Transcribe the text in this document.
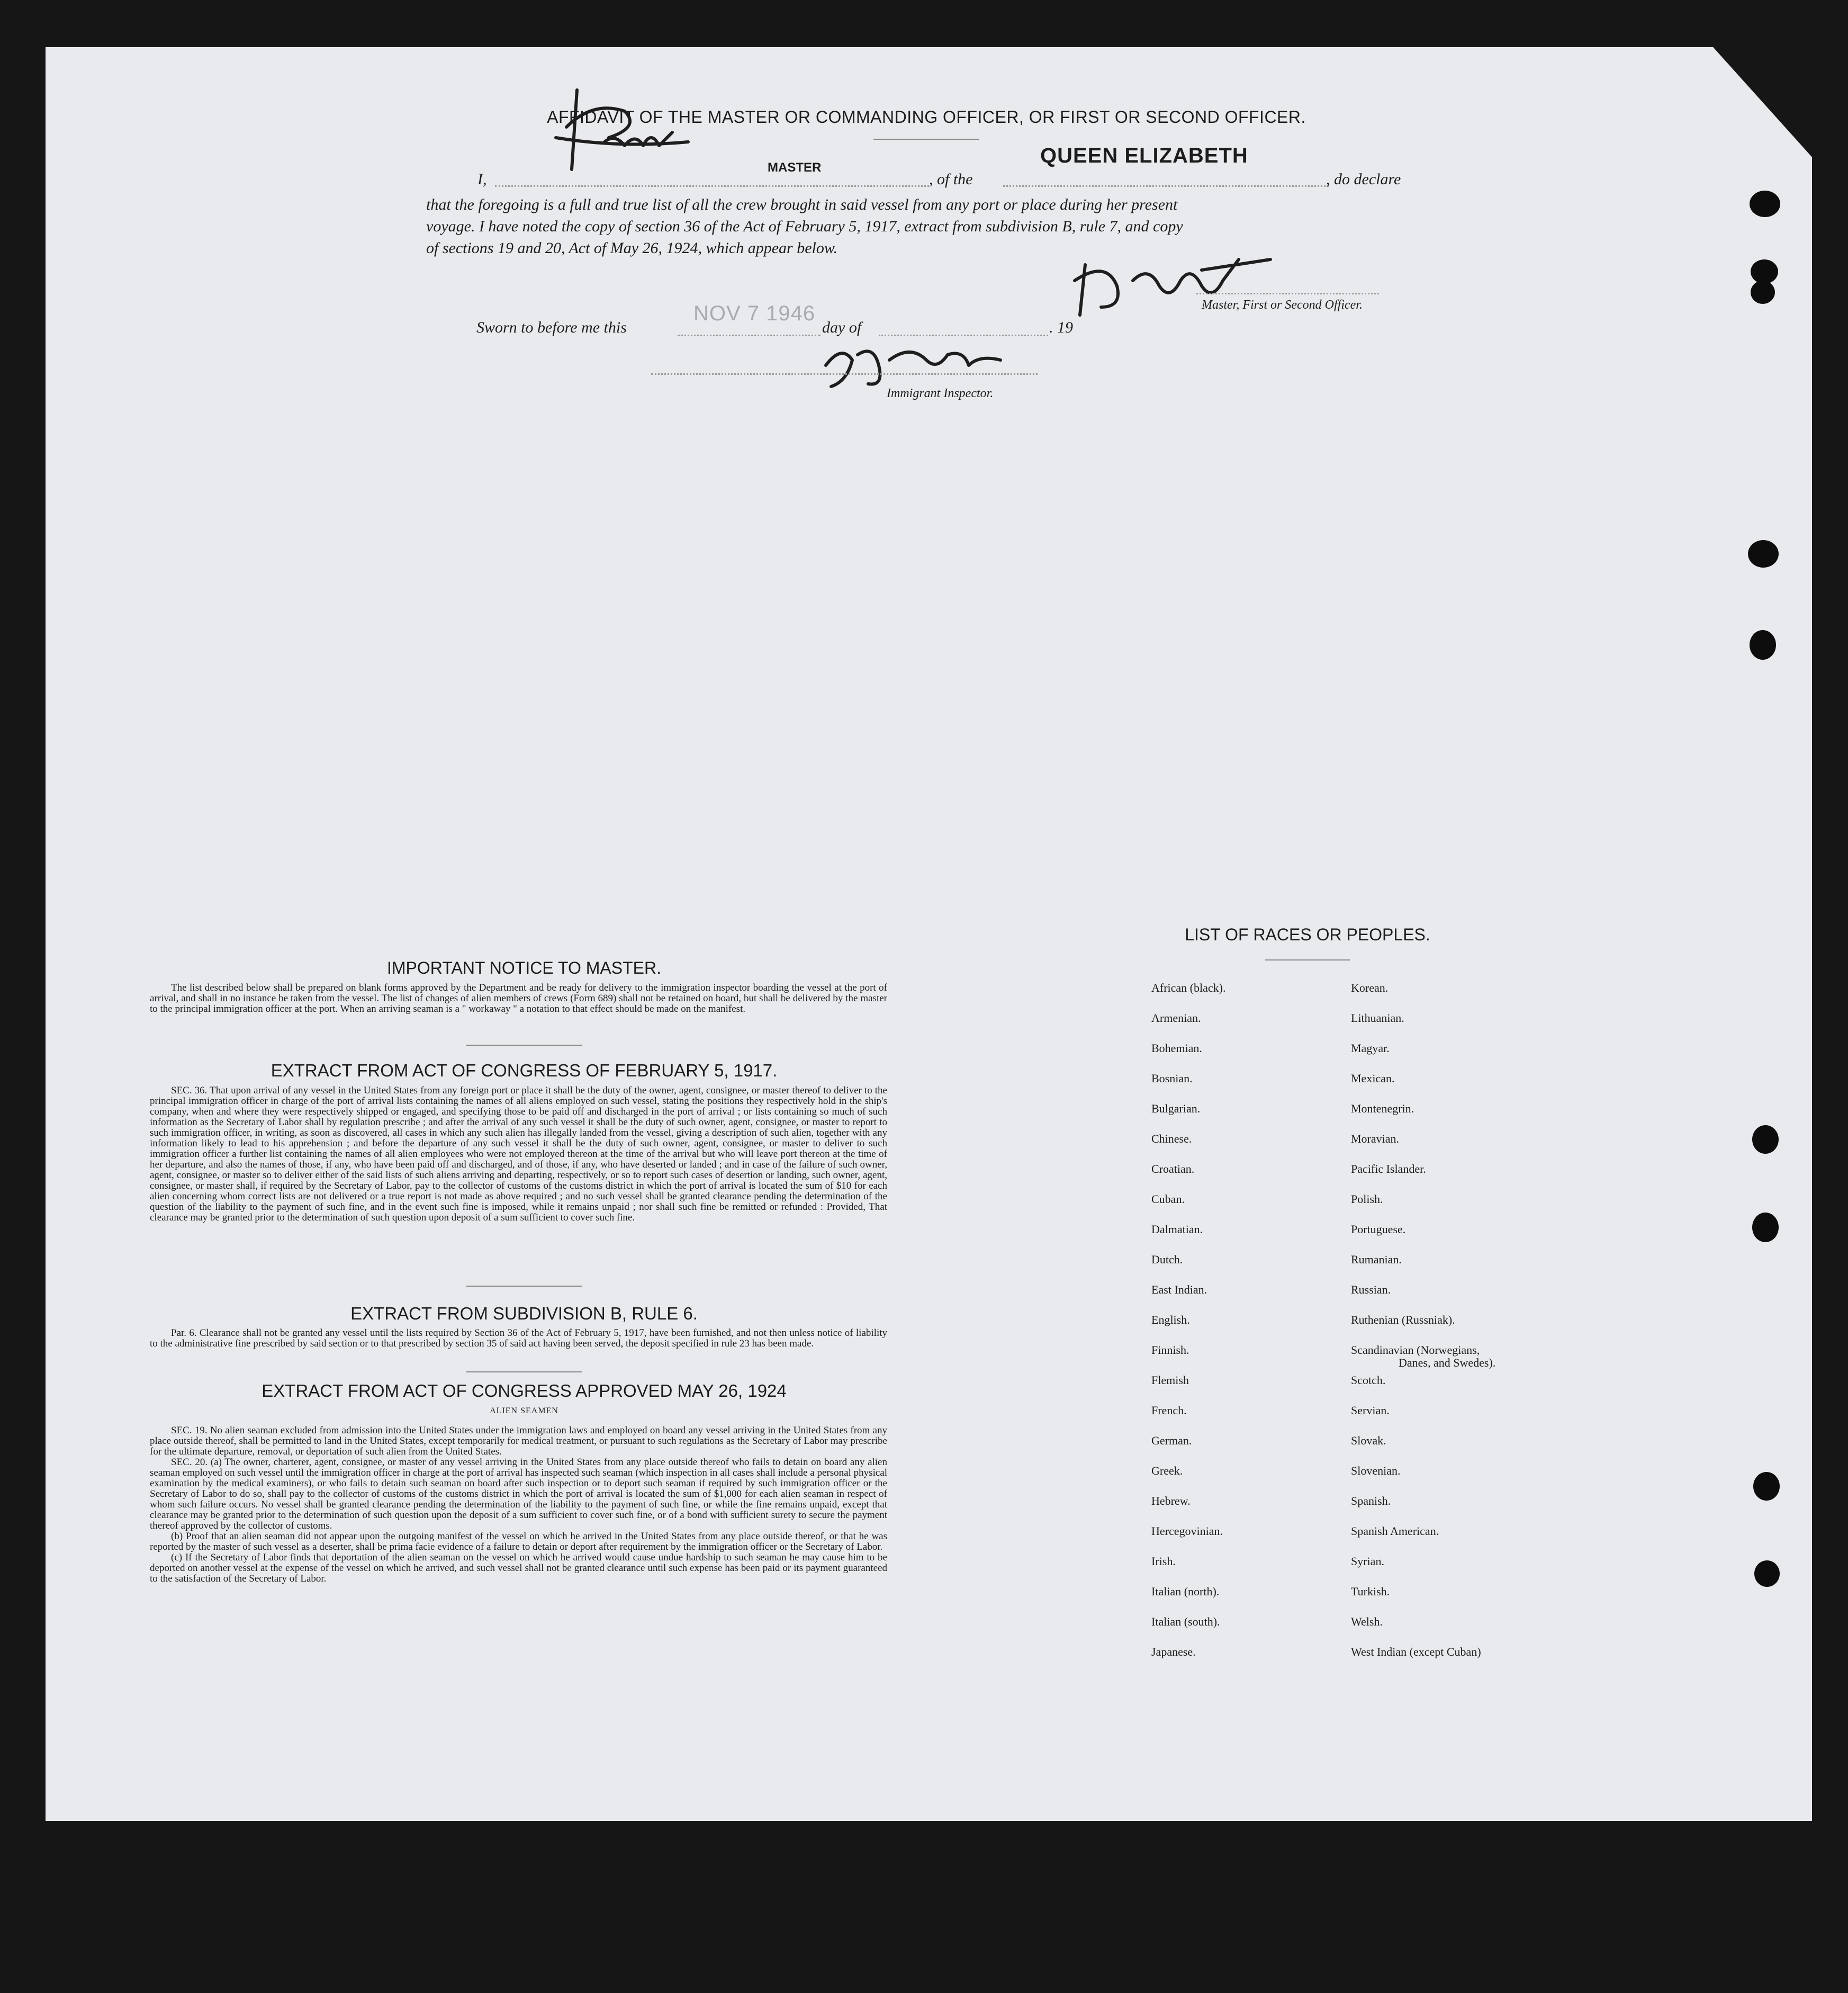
AFFIDAVIT OF THE MASTER OR COMMANDING OFFICER, OR FIRST OR SECOND OFFICER.
I,
MASTER
, of the
QUEEN ELIZABETH
, do declare
that the foregoing is a full and true list of all the crew brought in said vessel from any port or place during her present
voyage. I have noted the copy of section 36 of the Act of February 5, 1917, extract from subdivision B, rule 7, and copy
of sections 19 and 20, Act of May 26, 1924, which appear below.
Master, First or Second Officer.
Sworn to before me this
NOV 7 1946
day of	. 19
Immigrant Inspector.
IMPORTANT NOTICE TO MASTER.

The list described below shall be prepared on blank forms approved by the Department and be ready for delivery to the immigration inspector boarding the vessel at the port of arrival, and shall in no instance be taken from the vessel. The list of changes of alien members of crews (Form 689) shall not be retained on board, but shall be delivered by the master to the principal immigration officer at the port. When an arriving seaman is a " workaway " a notation to that effect should be made on the manifest.

EXTRACT FROM ACT OF CONGRESS OF FEBRUARY 5, 1917.

SEC. 36. That upon arrival of any vessel in the United States from any foreign port or place it shall be the duty of the owner, agent, consignee, or master thereof to deliver to the principal immigration officer in charge of the port of arrival lists containing the names of all aliens employed on such vessel, stating the positions they respectively hold in the ship's company, when and where they were respectively shipped or engaged, and specifying those to be paid off and discharged in the port of arrival ; or lists containing so much of such information as the Secretary of Labor shall by regulation prescribe ; and after the arrival of any such vessel it shall be the duty of such owner, agent, consignee, or master to report to such immigration officer, in writing, as soon as discovered, all cases in which any such alien has illegally landed from the vessel, giving a description of such alien, together with any information likely to lead to his apprehension ; and before the departure of any such vessel it shall be the duty of such owner, agent, consignee, or master to deliver to such immigration officer a further list containing the names of all alien employees who were not employed thereon at the time of the arrival but who will leave port thereon at the time of her departure, and also the names of those, if any, who have been paid off and discharged, and of those, if any, who have deserted or landed ; and in case of the failure of such owner, agent, consignee, or master so to deliver either of the said lists of such aliens arriving and departing, respectively, or so to report such cases of desertion or landing, such owner, agent, consignee, or master shall, if required by the Secretary of Labor, pay to the collector of customs of the customs district in which the port of arrival is located the sum of $10 for each alien concerning whom correct lists are not delivered or a true report is not made as above required ; and no such vessel shall be granted clearance pending the determination of the question of the liability to the payment of such fine, and in the event such fine is imposed, while it remains unpaid ; nor shall such fine be remitted or refunded : Provided, That clearance may be granted prior to the determination of such question upon deposit of a sum sufficient to cover such fine.

EXTRACT FROM SUBDIVISION B, RULE 6.

Par. 6. Clearance shall not be granted any vessel until the lists required by Section 36 of the Act of February 5, 1917, have been furnished, and not then unless notice of liability to the administrative fine prescribed by said section or to that prescribed by section 35 of said act having been served, the deposit specified in rule 23 has been made.

EXTRACT FROM ACT OF CONGRESS APPROVED MAY 26, 1924
ALIEN SEAMEN

SEC. 19. No alien seaman excluded from admission into the United States under the immigration laws and employed on board any vessel arriving in the United States from any place outside thereof, shall be permitted to land in the United States, except temporarily for medical treatment, or pursuant to such regulations as the Secretary of Labor may prescribe for the ultimate departure, removal, or deportation of such alien from the United States.

SEC. 20. (a) The owner, charterer, agent, consignee, or master of any vessel arriving in the United States from any place outside thereof who fails to detain on board any alien seaman employed on such vessel until the immigration officer in charge at the port of arrival has inspected such seaman (which inspection in all cases shall include a personal physical examination by the medical examiners), or who fails to detain such seaman on board after such inspection or to deport such seaman if required by such immigration officer or the Secretary of Labor to do so, shall pay to the collector of customs of the customs district in which the port of arrival is located the sum of $1,000 for each alien seaman in respect of whom such failure occurs. No vessel shall be granted clearance pending the determination of the liability to the payment of such fine, or while the fine remains unpaid, except that clearance may be granted prior to the determination of such question upon the deposit of a sum sufficient to cover such fine, or of a bond with sufficient surety to secure the payment thereof approved by the collector of customs.

(b) Proof that an alien seaman did not appear upon the outgoing manifest of the vessel on which he arrived in the United States from any place outside thereof, or that he was reported by the master of such vessel as a deserter, shall be prima facie evidence of a failure to detain or deport after requirement by the immigration officer or the Secretary of Labor.

(c) If the Secretary of Labor finds that deportation of the alien seaman on the vessel on which he arrived would cause undue hardship to such seaman he may cause him to be deported on another vessel at the expense of the vessel on which he arrived, and such vessel shall not be granted clearance until such expense has been paid or its payment guaranteed to the satisfaction of the Secretary of Labor.

LIST OF RACES OR PEOPLES.
African (black).
Armenian.
Bohemian.
Bosnian.
Bulgarian.
Chinese.
Croatian.
Cuban.
Dalmatian.
Dutch.
East Indian.
English.
Finnish.
Flemish
French.
German.
Greek.
Hebrew.
Hercegovinian.
Irish.
Italian (north).
Italian (south).
Japanese.
Korean.
Lithuanian.
Magyar.
Mexican.
Montenegrin.
Moravian.
Pacific Islander.
Polish.
Portuguese.
Rumanian.
Russian.
Ruthenian (Russniak).
Scandinavian (Norwegians,
Danes, and Swedes).
Scotch.
Servian.
Slovak.
Slovenian.
Spanish.
Spanish American.
Syrian.
Turkish.
Welsh.
West Indian (except Cuban)
